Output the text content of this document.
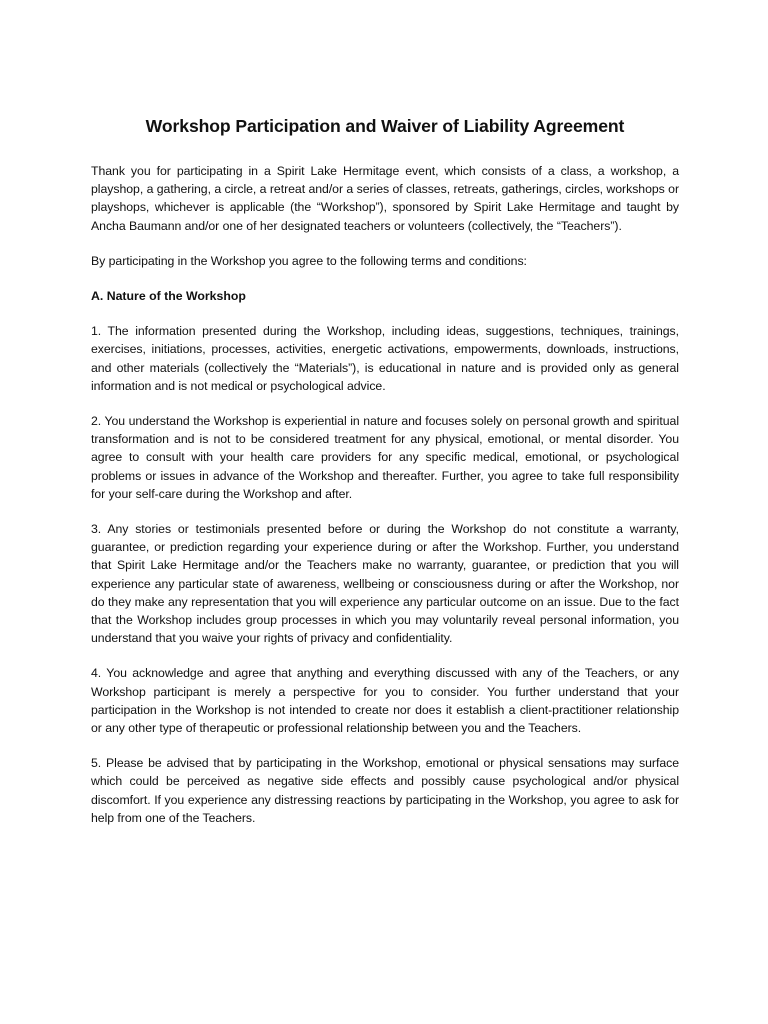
Workshop Participation and Waiver of Liability Agreement

Thank you for participating in a Spirit Lake Hermitage event, which consists of a class, a workshop, a playshop, a gathering, a circle, a retreat and/or a series of classes, retreats, gatherings, circles, workshops or playshops, whichever is applicable (the “Workshop”), sponsored by Spirit Lake Hermitage and taught by Ancha Baumann and/or one of her designated teachers or volunteers (collectively, the “Teachers”).

By participating in the Workshop you agree to the following terms and conditions:

A. Nature of the Workshop

1. The information presented during the Workshop, including ideas, suggestions, techniques, trainings, exercises, initiations, processes, activities, energetic activations, empowerments, downloads, instructions, and other materials (collectively the “Materials”), is educational in nature and is provided only as general information and is not medical or psychological advice.

2. You understand the Workshop is experiential in nature and focuses solely on personal growth and spiritual transformation and is not to be considered treatment for any physical, emotional, or mental disorder. You agree to consult with your health care providers for any specific medical, emotional, or psychological problems or issues in advance of the Workshop and thereafter. Further, you agree to take full responsibility for your self-care during the Workshop and after.

3. Any stories or testimonials presented before or during the Workshop do not constitute a warranty, guarantee, or prediction regarding your experience during or after the Workshop. Further, you understand that Spirit Lake Hermitage and/or the Teachers make no warranty, guarantee, or prediction that you will experience any particular state of awareness, wellbeing or consciousness during or after the Workshop, nor do they make any representation that you will experience any particular outcome on an issue. Due to the fact that the Workshop includes group processes in which you may voluntarily reveal personal information, you understand that you waive your rights of privacy and confidentiality.

4. You acknowledge and agree that anything and everything discussed with any of the Teachers, or any Workshop participant is merely a perspective for you to consider. You further understand that your participation in the Workshop is not intended to create nor does it establish a client-practitioner relationship or any other type of therapeutic or professional relationship between you and the Teachers.

5. Please be advised that by participating in the Workshop, emotional or physical sensations may surface which could be perceived as negative side effects and possibly cause psychological and/or physical discomfort. If you experience any distressing reactions by participating in the Workshop, you agree to ask for help from one of the Teachers.
